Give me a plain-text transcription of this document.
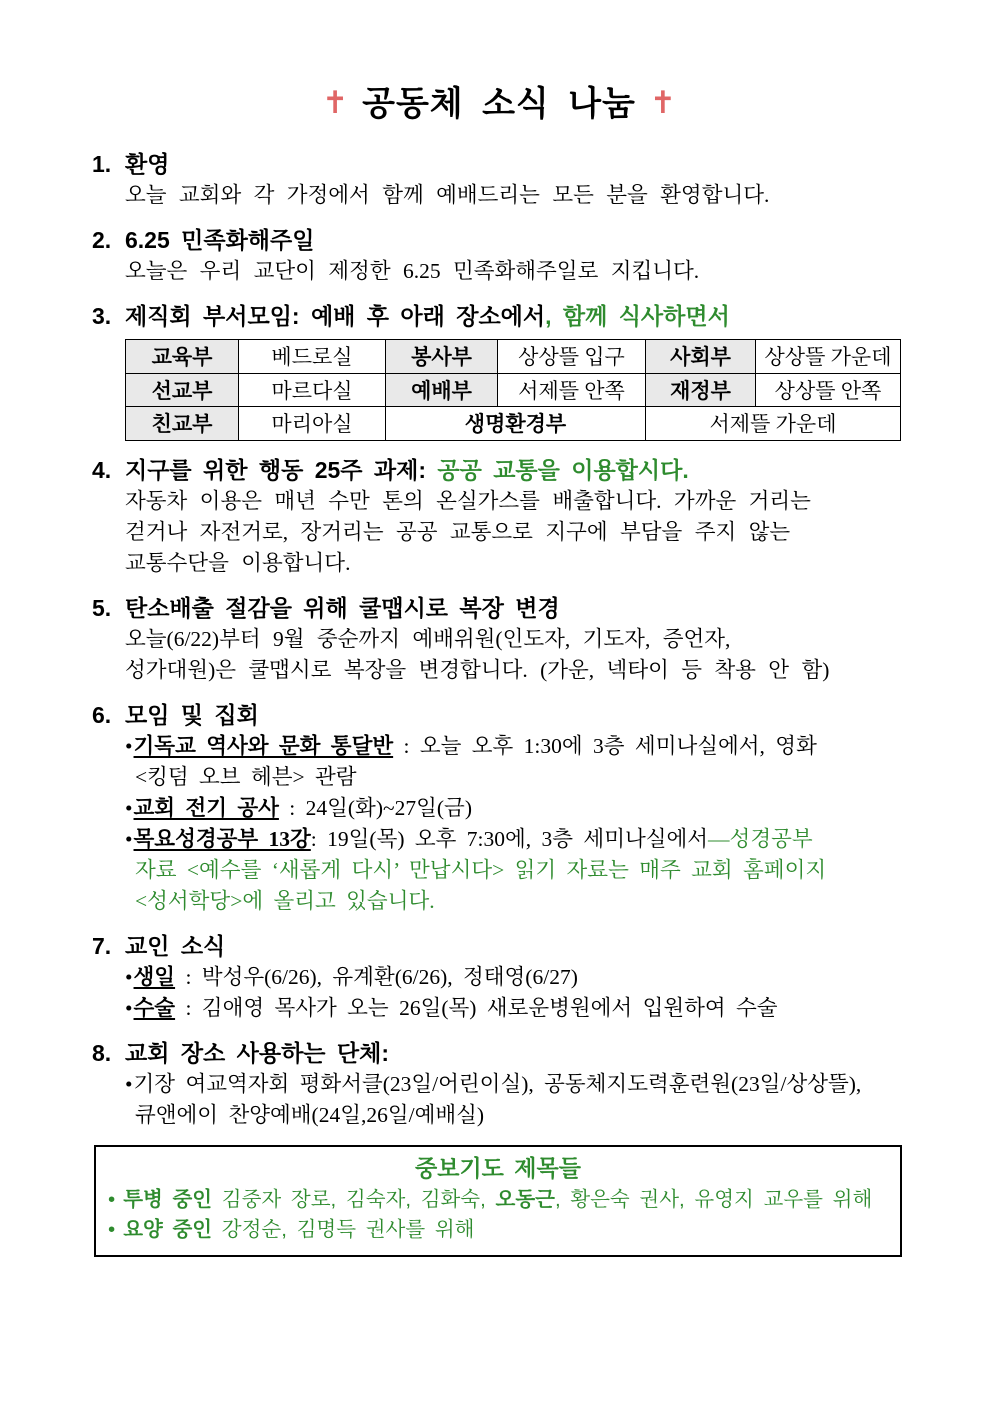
✝ 공동체 소식 나눔 ✝
1. 환영
오늘 교회와 각 가정에서 함께 예배드리는 모든 분을 환영합니다.
2. 6.25 민족화해주일
오늘은 우리 교단이 제정한 6.25 민족화해주일로 지킵니다.
3. 제직회 부서모임: 예배 후 아래 장소에서, 함께 식사하면서
교육부	베드로실	봉사부	상상뜰 입구	사회부	상상뜰 가운데
선교부	마르다실	예배부	서제뜰 안쪽	재정부	상상뜰 안쪽
친교부	마리아실	생명환경부		서제뜰 가운데	
4. 지구를 위한 행동 25주 과제: 공공 교통을 이용합시다.
자동차 이용은 매년 수만 톤의 온실가스를 배출합니다. 가까운 거리는
걷거나 자전거로, 장거리는 공공 교통으로 지구에 부담을 주지 않는
교통수단을 이용합니다.
5. 탄소배출 절감을 위해 쿨맵시로 복장 변경
오늘(6/22)부터 9월 중순까지 예배위원(인도자, 기도자, 증언자,
성가대원)은 쿨맵시로 복장을 변경합니다. (가운, 넥타이 등 착용 안 함)
6. 모임 및 집회
•기독교 역사와 문화 통달반 : 오늘 오후 1:30에 3층 세미나실에서, 영화
<킹덤 오브 헤븐> 관람
•교회 전기 공사 : 24일(화)~27일(금)
•목요성경공부 13강: 19일(목) 오후 7:30에, 3층 세미나실에서—성경공부
자료 <예수를 ‘새롭게 다시’ 만납시다> 읽기 자료는 매주 교회 홈페이지
<성서학당>에 올리고 있습니다.
7. 교인 소식
•생일 : 박성우(6/26), 유계환(6/26), 정태영(6/27)
•수술 : 김애영 목사가 오는 26일(목) 새로운병원에서 입원하여 수술
8. 교회 장소 사용하는 단체:
•기장 여교역자회 평화서클(23일/어린이실), 공동체지도력훈련원(23일/상상뜰),
큐앤에이 찬양예배(24일,26일/예배실)
중보기도 제목들
• 투병 중인 김중자 장로, 김숙자, 김화숙, 오동근, 황은숙 권사, 유영지 교우를 위해
• 요양 중인 강정순, 김명득 권사를 위해
